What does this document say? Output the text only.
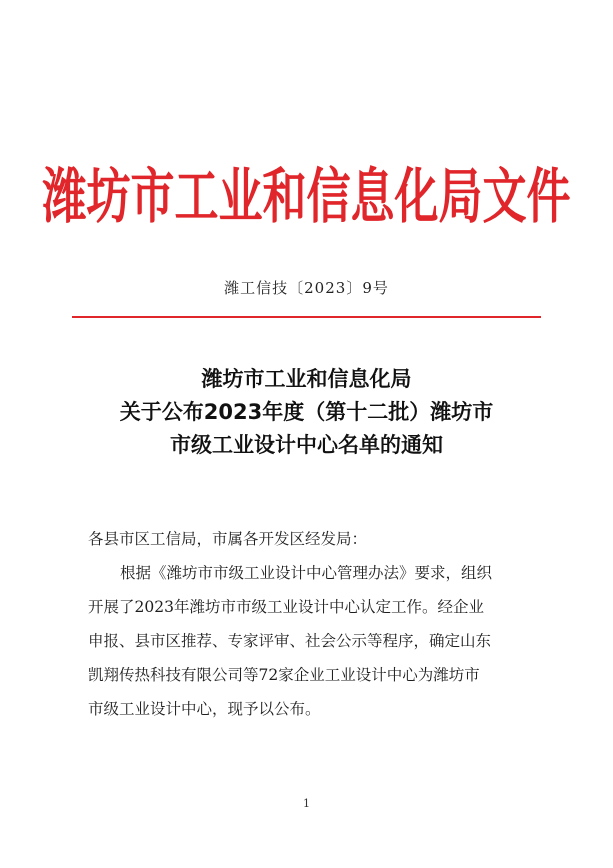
潍坊市工业和信息化局文件
潍工信技〔2023〕9号
潍坊市工业和信息化局
关于公布2023年度（第十二批）潍坊市
市级工业设计中心名单的通知
各县市区工信局，市属各开发区经发局：
根据《潍坊市市级工业设计中心管理办法》要求，组织
开展了2023年潍坊市市级工业设计中心认定工作。经企业
申报、县市区推荐、专家评审、社会公示等程序，确定山东
凯翔传热科技有限公司等72家企业工业设计中心为潍坊市
市级工业设计中心，现予以公布。
1
